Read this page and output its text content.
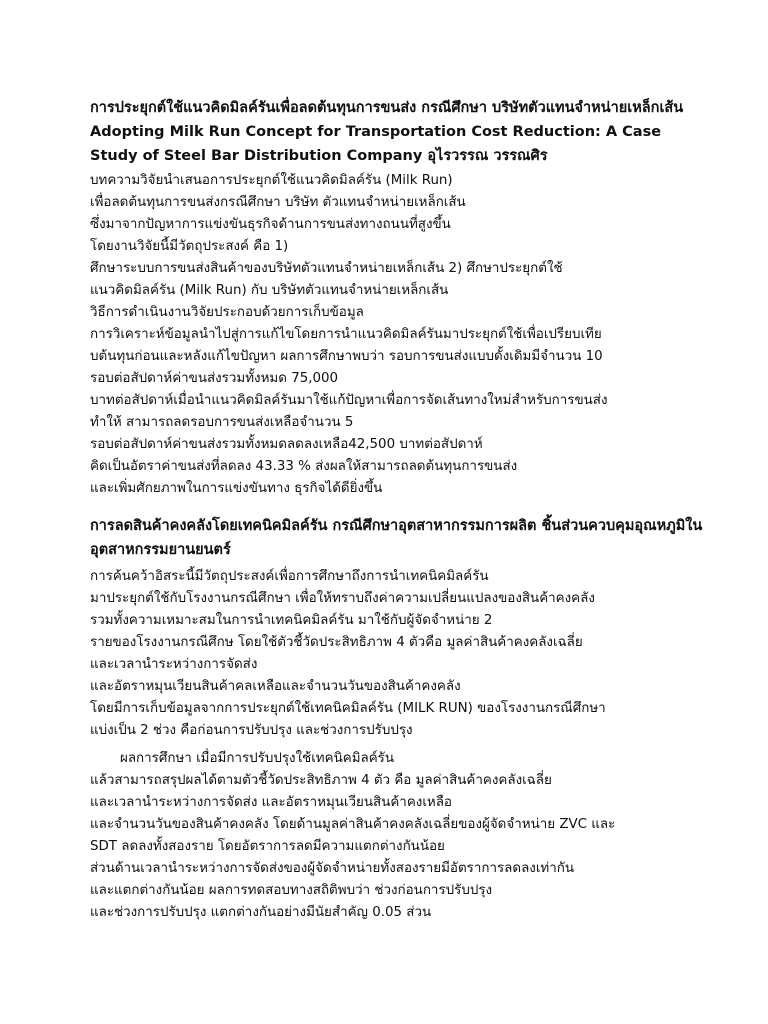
การประยุกต์ใช้แนวคิดมิลค์รันเพื่อลดต้นทุนการขนส่ง กรณีศึกษา บริษัทตัวแทนจำหน่ายเหล็กเส้น Adopting Milk Run Concept for Transportation Cost Reduction: A Case Study of Steel Bar Distribution Company อุไรวรรณ วรรณศิร
บทความวิจัยนำเสนอการประยุกต์ใช้แนวคิดมิลค์รัน (Milk Run)
เพื่อลดต้นทุนการขนส่งกรณีศึกษา บริษัท ตัวแทนจำหน่ายเหล็กเส้น
ซึ่งมาจากปัญหาการแข่งขันธุรกิจด้านการขนส่งทางถนนที่สูงขึ้น
โดยงานวิจัยนี้มีวัตถุประสงค์ คือ 1)
ศึกษาระบบการขนส่งสินค้าของบริษัทตัวแทนจำหน่ายเหล็กเส้น 2) ศึกษาประยุกต์ใช้
แนวคิดมิลค์รัน (Milk Run) กับ บริษัทตัวแทนจำหน่ายเหล็กเส้น
วิธีการดำเนินงานวิจัยประกอบด้วยการเก็บข้อมูล
การวิเคราะห์ข้อมูลนำไปสู่การแก้ไขโดยการนำแนวคิดมิลค์รันมาประยุกต์ใช้เพื่อเปรียบเทีย
บต้นทุนก่อนและหลังแก้ไขปัญหา ผลการศึกษาพบว่า รอบการขนส่งแบบดั้งเดิมมีจำนวน 10
รอบต่อสัปดาห์ค่าขนส่งรวมทั้งหมด 75,000
บาทต่อสัปดาห์เมื่อนำแนวคิดมิลค์รันมาใช้แก้ปัญหาเพื่อการจัดเส้นทางใหม่สำหรับการขนส่ง
ทำให้ สามารถลดรอบการขนส่งเหลือจำนวน 5
รอบต่อสัปดาห์ค่าขนส่งรวมทั้งหมดลดลงเหลือ42,500 บาทต่อสัปดาห์
คิดเป็นอัตราค่าขนส่งที่ลดลง 43.33 % ส่งผลให้สามารถลดต้นทุนการขนส่ง
และเพิ่มศักยภาพในการแข่งขันทาง ธุรกิจได้ดียิ่งขึ้น
การลดสินค้าคงคลังโดยเทคนิคมิลค์รัน กรณีศึกษาอุตสาหากรรมการผลิต ชิ้นส่วนควบคุมอุณหภูมิในอุตสาหกรรมยานยนตร์
การค้นคว้าอิสระนี้มีวัตถุประสงค์เพื่อการศึกษาถึงการนำเทคนิคมิลค์รัน
มาประยุกต์ใช้กับโรงงานกรณีศึกษา เพื่อให้ทราบถึงค่าความเปลี่ยนแปลงของสินค้าคงคลัง
รวมทั้งความเหมาะสมในการนำเทคนิคมิลค์รัน มาใช้กับผู้จัดจำหน่าย 2
รายของโรงงานกรณีศึกษ โดยใช้ตัวชี้วัดประสิทธิภาพ 4 ตัวคือ มูลค่าสินค้าคงคลังเฉลี่ย
และเวลานำระหว่างการจัดส่ง
และอัตราหมุนเวียนสินค้าคลเหลือและจำนวนวันของสินค้าคงคลัง
โดยมีการเก็บข้อมูลจากการประยุกต์ใช้เทคนิคมิลค์รัน (MILK RUN) ของโรงงานกรณีศึกษา
แบ่งเป็น 2 ช่วง คือก่อนการปรับปรุง และช่วงการปรับปรุง
ผลการศึกษา เมื่อมีการปรับปรุงใช้เทคนิคมิลค์รัน
แล้วสามารถสรุปผลได้ตามตัวชี้วัดประสิทธิภาพ 4 ตัว คือ มูลค่าสินค้าคงคลังเฉลี่ย
และเวลานำระหว่างการจัดส่ง และอัตราหมุนเวียนสินค้าคงเหลือ
และจำนวนวันของสินค้าคงคลัง โดยด้านมูลค่าสินค้าคงคลังเฉลี่ยของผู้จัดจำหน่าย ZVC และ
SDT ลดลงทั้งสองราย โดยอัตราการลดมีความแตกต่างกันน้อย
ส่วนด้านเวลานำระหว่างการจัดส่งของผู้จัดจำหน่ายทั้งสองรายมีอัตราการลดลงเท่ากัน
และแตกต่างกันน้อย ผลการทดสอบทางสถิติพบว่า ช่วงก่อนการปรับปรุง
และช่วงการปรับปรุง แตกต่างกันอย่างมีนัยสำคัญ 0.05 ส่วน
